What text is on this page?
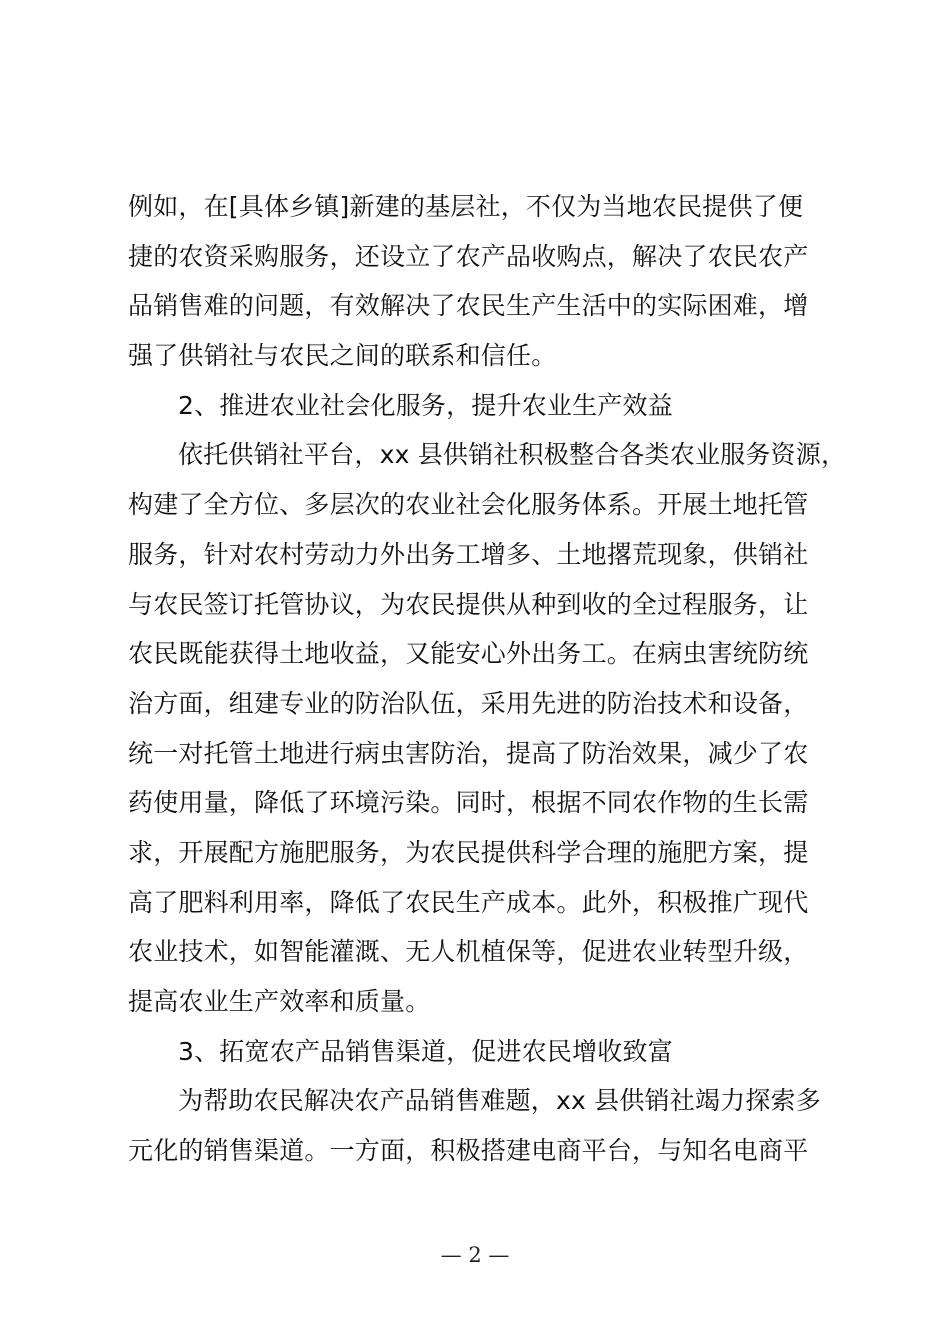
例如，在[具体乡镇]新建的基层社，不仅为当地农民提供了便
捷的农资采购服务，还设立了农产品收购点，解决了农民农产
品销售难的问题，有效解决了农民生产生活中的实际困难，增
强了供销社与农民之间的联系和信任。
2、推进农业社会化服务，提升农业生产效益
依托供销社平台，xx 县供销社积极整合各类农业服务资源，
构建了全方位、多层次的农业社会化服务体系。开展土地托管
服务，针对农村劳动力外出务工增多、土地撂荒现象，供销社
与农民签订托管协议，为农民提供从种到收的全过程服务，让
农民既能获得土地收益，又能安心外出务工。在病虫害统防统
治方面，组建专业的防治队伍，采用先进的防治技术和设备，
统一对托管土地进行病虫害防治，提高了防治效果，减少了农
药使用量，降低了环境污染。同时，根据不同农作物的生长需
求，开展配方施肥服务，为农民提供科学合理的施肥方案，提
高了肥料利用率，降低了农民生产成本。此外，积极推广现代
农业技术，如智能灌溉、无人机植保等，促进农业转型升级，
提高农业生产效率和质量。
3、拓宽农产品销售渠道，促进农民增收致富
为帮助农民解决农产品销售难题，xx 县供销社竭力探索多
元化的销售渠道。一方面，积极搭建电商平台，与知名电商平
— 2 —
